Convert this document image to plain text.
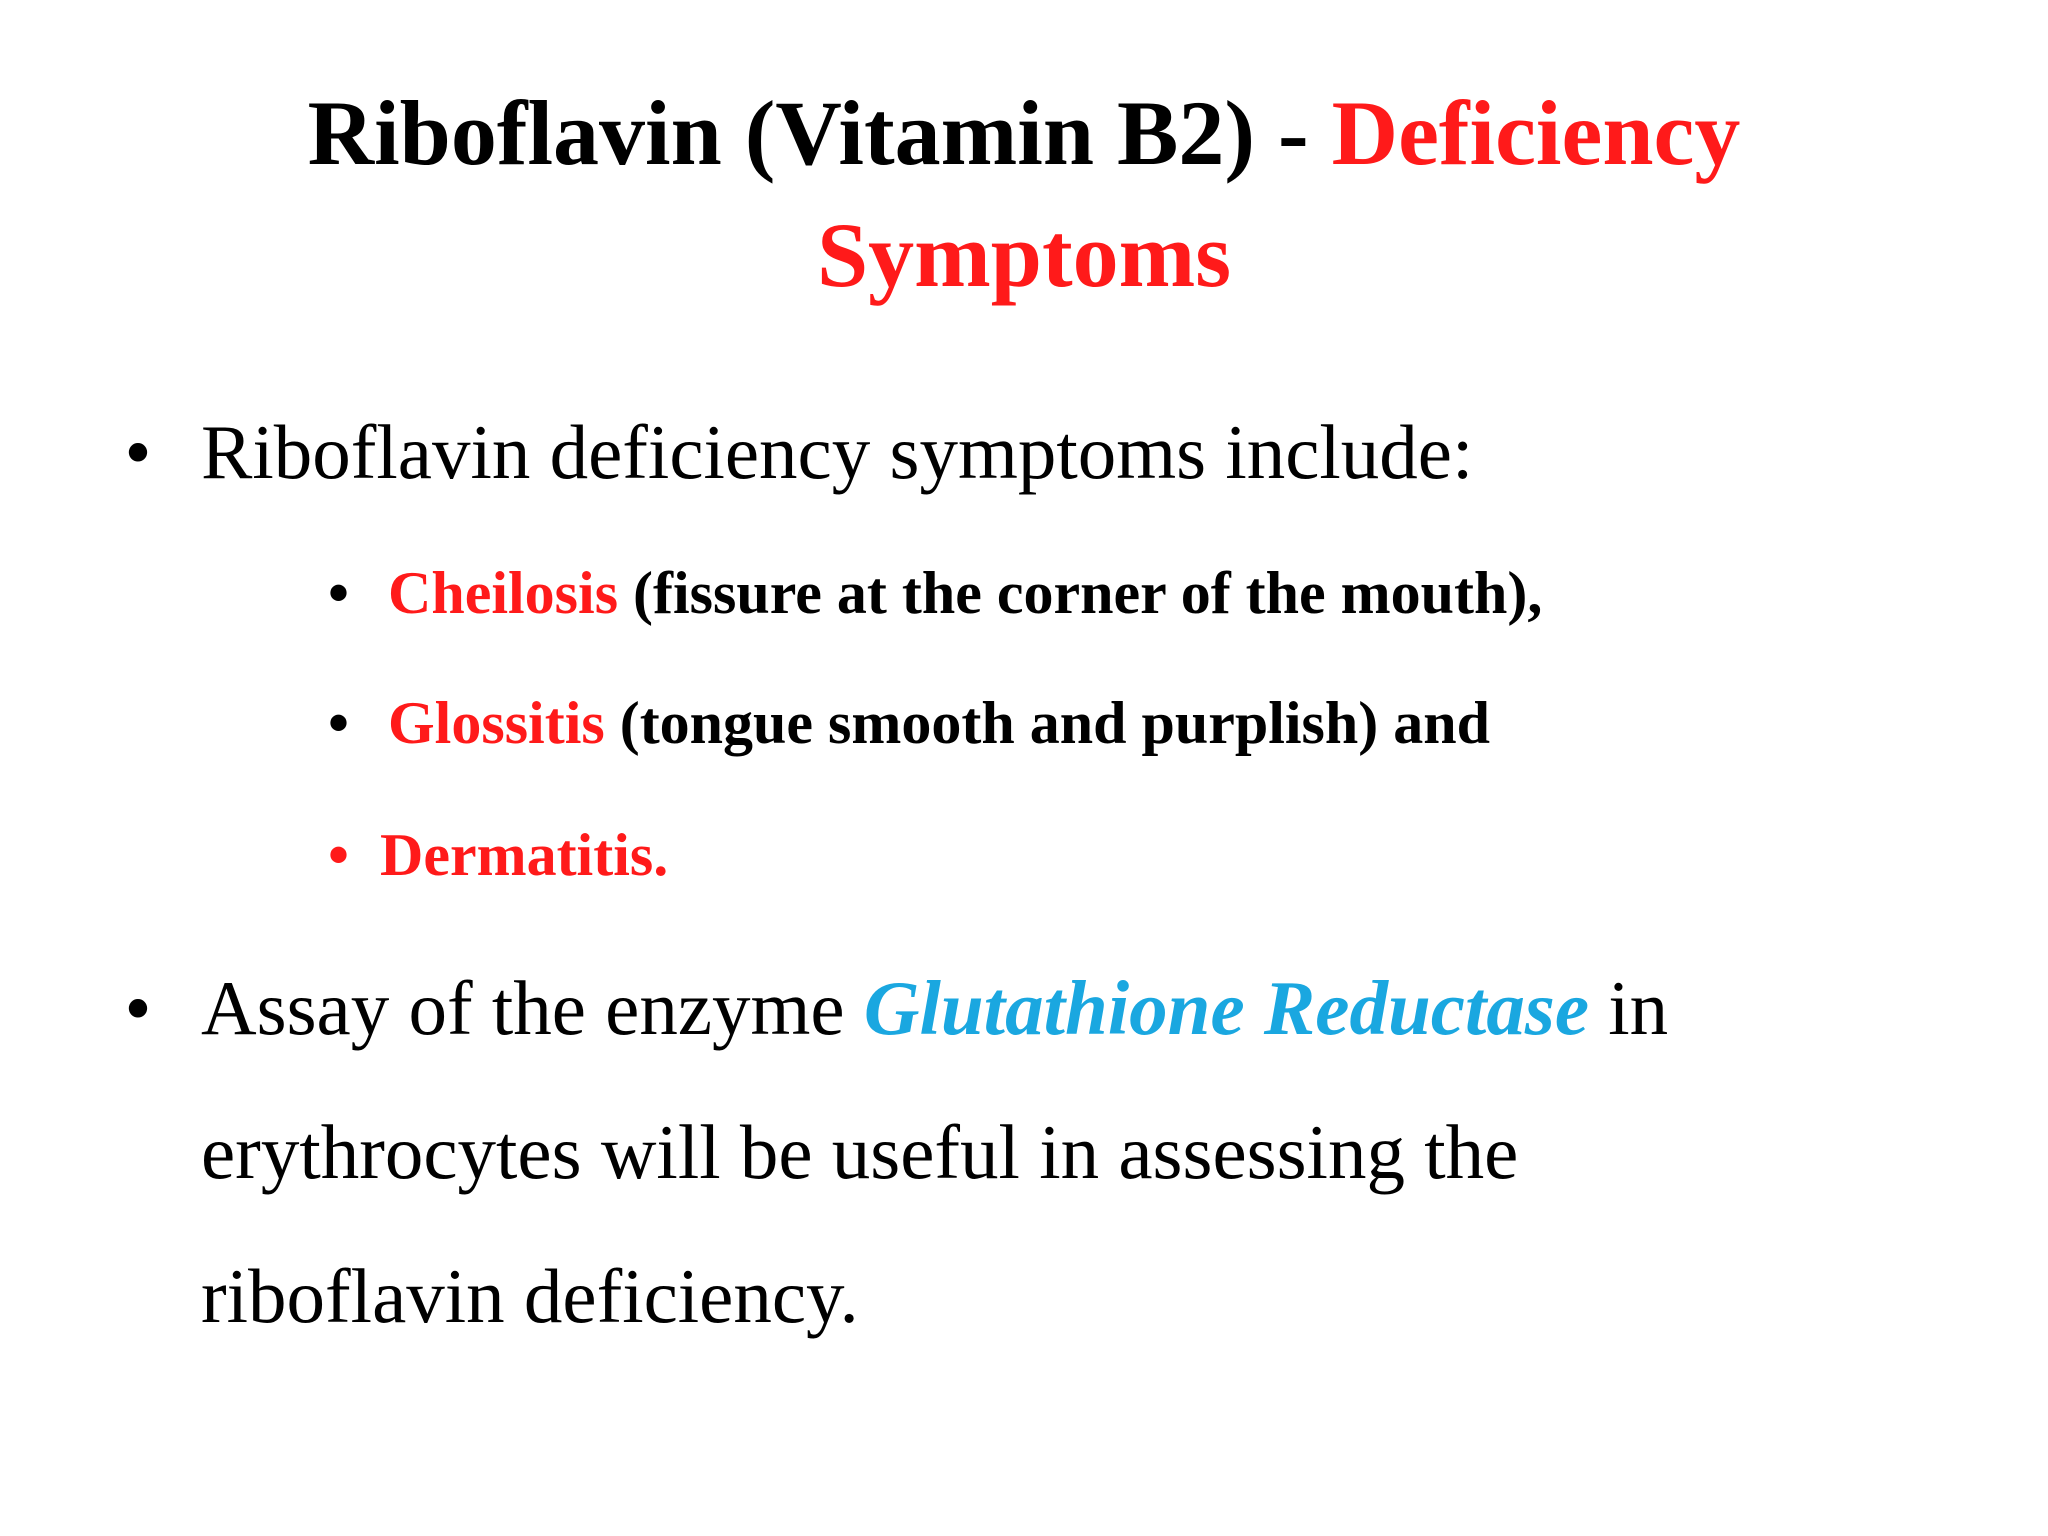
Riboflavin (Vitamin B2) - Deficiency
Symptoms
• Riboflavin deficiency symptoms include:
• Cheilosis (fissure at the corner of the mouth),
• Glossitis (tongue smooth and purplish) and
• Dermatitis.
• Assay of the enzyme Glutathione Reductase in
erythrocytes will be useful in assessing the
riboflavin deficiency.
